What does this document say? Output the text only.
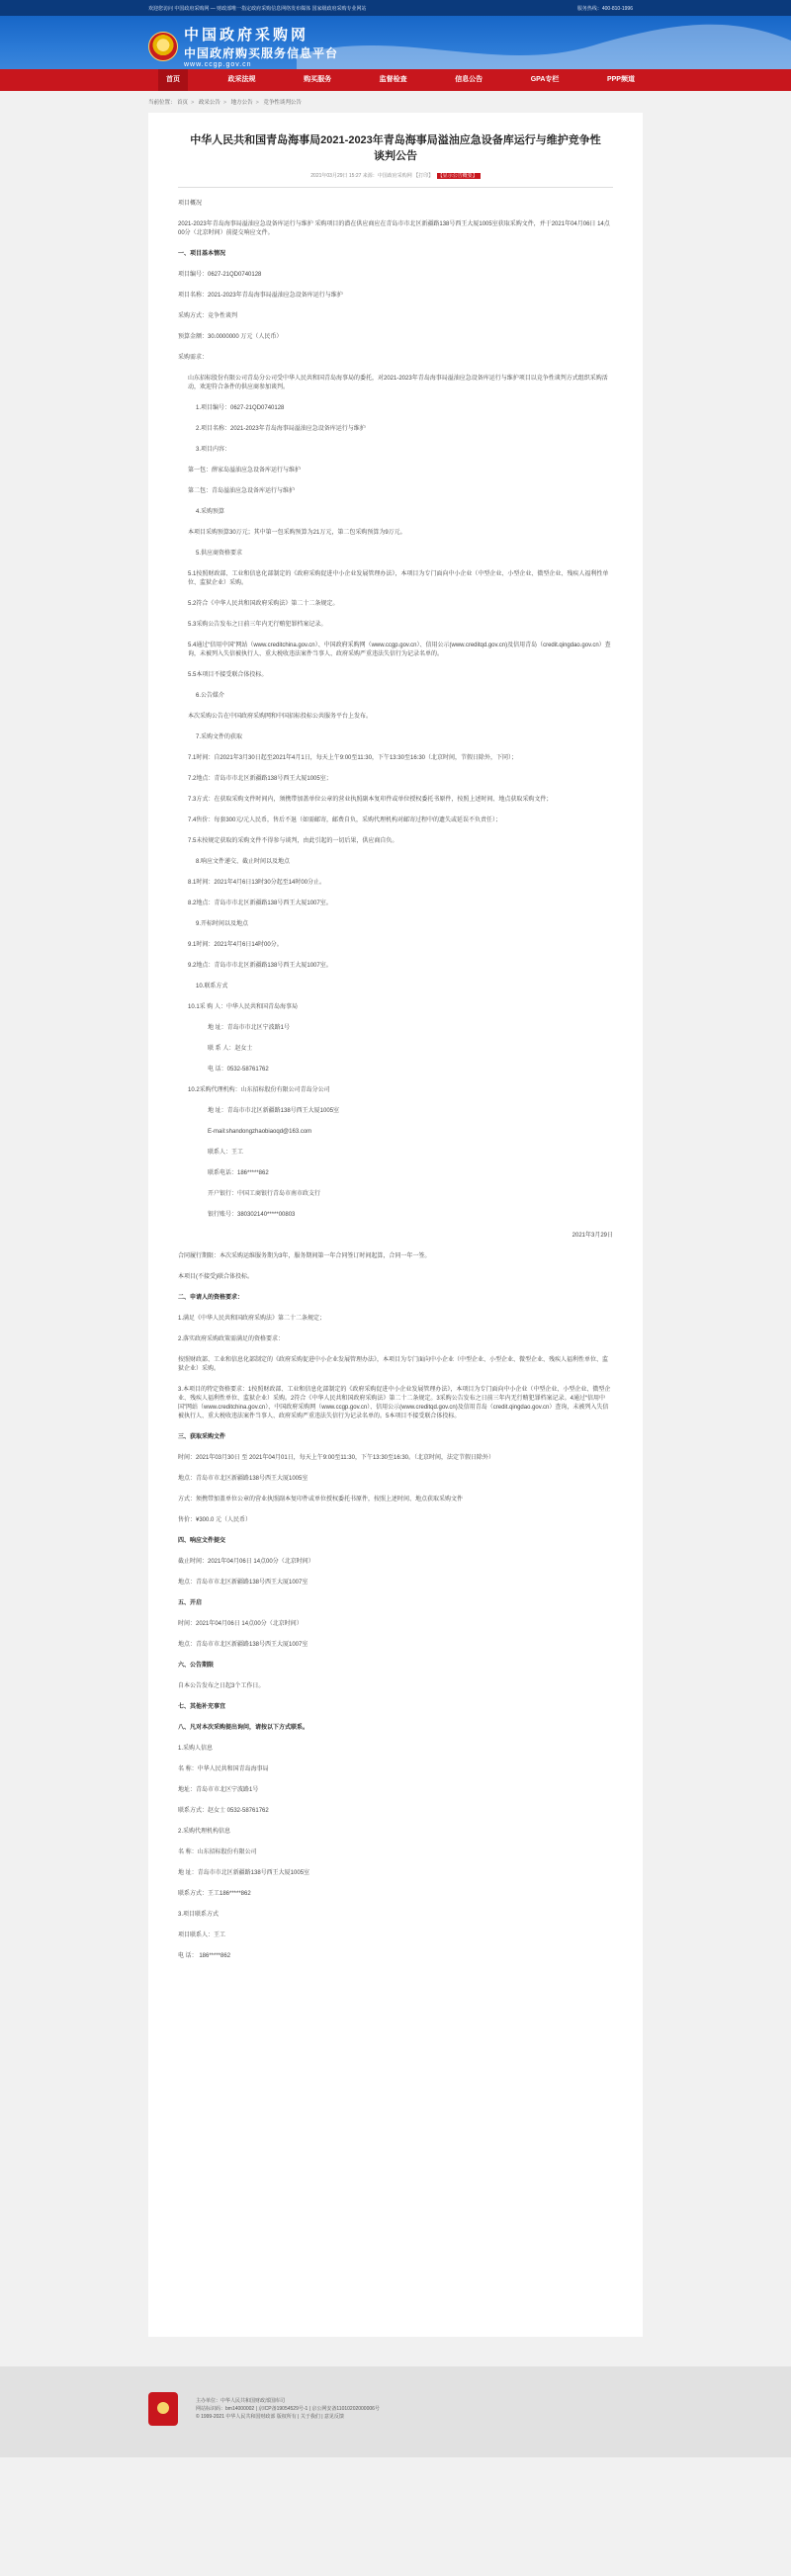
欢迎您访问 中国政府采购网 — 财政部唯一指定政府采购信息网络发布媒体 国家级政府采购专业网站	服务热线：400-810-1996
中国政府采购网
中国政府购买服务信息平台
www.ccgp.gov.cn
首页	政采法规	购买服务	监督检查	信息公告	GPA专栏	PPP频道
当前位置： 首页 > 政采公告 > 地方公告 > 竞争性谈判公告
中华人民共和国青岛海事局2021-2023年青岛海事局溢油应急设备库运行与维护竞争性谈判公告
2021年03月29日 15:27 来源：中国政府采购网 【打印】 【显示公告概要】

项目概况

2021-2023年青岛海事局溢油应急设备库运行与维护 采购项目的潜在供应商应在青岛市市北区新疆路138号西王大厦1005室获取采购文件，并于2021年04月06日 14点00分（北京时间）前提交响应文件。

一、项目基本情况

项目编号：0627-21QD0740128

项目名称：2021-2023年青岛海事局溢油应急设备库运行与维护

采购方式：竞争性谈判

预算金额：30.0000000 万元（人民币）

采购需求：

山东招标股份有限公司青岛分公司受中华人民共和国青岛海事局的委托，对2021-2023年青岛海事局溢油应急设备库运行与维护项目以竞争性谈判方式组织采购活动，欢迎符合条件的供应商参加谈判。

1.项目编号：0627-21QD0740128

2.项目名称：2021-2023年青岛海事局溢油应急设备库运行与维护

3.项目内容：

第一包：薛家岛溢油应急设备库运行与维护

第二包：青岛溢油应急设备库运行与维护

4.采购预算

本项目采购预算30万元；其中第一包采购预算为21万元，第二包采购预算为9万元。

5.供应商资格要求

5.1按照财政部、工业和信息化部制定的《政府采购促进中小企业发展管理办法》，本项目为专门面向中小企业（中型企业、小型企业、微型企业、残疾人福利性单位、监狱企业）采购。

5.2符合《中华人民共和国政府采购法》第二十二条规定。

5.3采购公告发布之日前三年内无行贿犯罪档案记录。

5.4通过“信用中国”网站（www.creditchina.gov.cn）、中国政府采购网（www.ccgp.gov.cn）、信用公示(www.creditqd.gov.cn)及信用青岛（credit.qingdao.gov.cn）查询，未被列入失信被执行人、重大税收违法案件当事人、政府采购严重违法失信行为记录名单的。

5.5本项目不接受联合体投标。

6.公告媒介

本次采购公告在中国政府采购网和中国招标投标公共服务平台上发布。

7.采购文件的获取

7.1时间：自2021年3月30日起至2021年4月1日，每天上午9:00至11:30，下午13:30至16:30（北京时间，节假日除外，下同）；

7.2地点：青岛市市北区新疆路138号西王大厦1005室；

7.3方式：在获取采购文件时间内，须携带加盖单位公章的营业执照副本复印件或单位授权委托书原件，按照上述时间、地点获取采购文件；

7.4售价：每套300元/元人民币，售后不退（如需邮寄，邮费自负，采购代理机构对邮寄过程中的遗失或延误不负责任）；

7.5未按规定获取的采购文件不得参与谈判，由此引起的一切后果，供应商自负。

8.响应文件递交、截止时间以及地点

8.1时间：2021年4月6日13时30分起至14时00分止。

8.2地点：青岛市市北区新疆路138号西王大厦1007室。

9.开标时间以及地点

9.1时间：2021年4月6日14时00分。

9.2地点：青岛市市北区新疆路138号西王大厦1007室。

10.联系方式

10.1采 购 人：中华人民共和国青岛海事局

地 址：青岛市市北区宁波路1号

联 系 人：赵女士

电 话：0532-58761762

10.2采购代理机构：山东招标股份有限公司青岛分公司

地 址：青岛市市北区新疆路138号西王大厦1005室

E-mail:shandongzhaobiaoqd@163.com

联系人：王工

联系电话：186*****862

开户银行：中国工商银行青岛市南市政支行

银行账号：380302140*****00803

2021年3月29日

合同履行期限：本次采购运维服务期为3年，服务期间第一年合同签订时间起算，合同一年一签。

本项目(不接受)联合体投标。

二、申请人的资格要求：

1.满足《中华人民共和国政府采购法》第二十二条规定；

2.落实政府采购政策需满足的资格要求：

按照财政部、工业和信息化部制定的《政府采购促进中小企业发展管理办法》，本项目为专门面向中小企业（中型企业、小型企业、微型企业、残疾人福利性单位、监狱企业）采购。

3.本项目的特定资格要求：1按照财政部、工业和信息化部制定的《政府采购促进中小企业发展管理办法》，本项目为专门面向中小企业（中型企业、小型企业、微型企业、残疾人福利性单位、监狱企业）采购。2符合《中华人民共和国政府采购法》第二十二条规定。3采购公告发布之日前三年内无行贿犯罪档案记录。4通过“信用中国”网站（www.creditchina.gov.cn）、中国政府采购网（www.ccgp.gov.cn）、信用公示(www.creditqd.gov.cn)及信用青岛（credit.qingdao.gov.cn）查询，未被列入失信被执行人、重大税收违法案件当事人、政府采购严重违法失信行为记录名单的。5本项目不接受联合体投标。

三、获取采购文件

时间：2021年03月30日 至 2021年04月01日，每天上午9:00至11:30，下午13:30至16:30。（北京时间，法定节假日除外）

地点：青岛市市北区新疆路138号西王大厦1005室

方式：须携带加盖单位公章的营业执照副本复印件或单位授权委托书原件，按照上述时间、地点获取采购文件

售价：¥300.0 元（人民币）

四、响应文件提交

截止时间：2021年04月06日 14点00分（北京时间）

地点：青岛市市北区新疆路138号西王大厦1007室

五、开启

时间：2021年04月06日 14点00分（北京时间）

地点：青岛市市北区新疆路138号西王大厦1007室

六、公告期限

自本公告发布之日起3个工作日。

七、其他补充事宜

八、凡对本次采购提出询问，请按以下方式联系。

1.采购人信息

名 称：中华人民共和国青岛海事局

地址：青岛市市北区宁波路1号

联系方式：赵女士 0532-58761762

2.采购代理机构信息

名 称：山东招标股份有限公司

地 址：青岛市市北区新疆路138号西王大厦1005室

联系方式：王工186*****862

3.项目联系方式

项目联系人：王工

电 话： 186*****862

主办单位：中华人民共和国财政部国库司
网站标识码：bm14000002 | 京ICP备19054529号-1 | 京公网安备11010202000006号
© 1999-2021 中华人民共和国财政部 版权所有 | 关于我们 | 意见反馈
